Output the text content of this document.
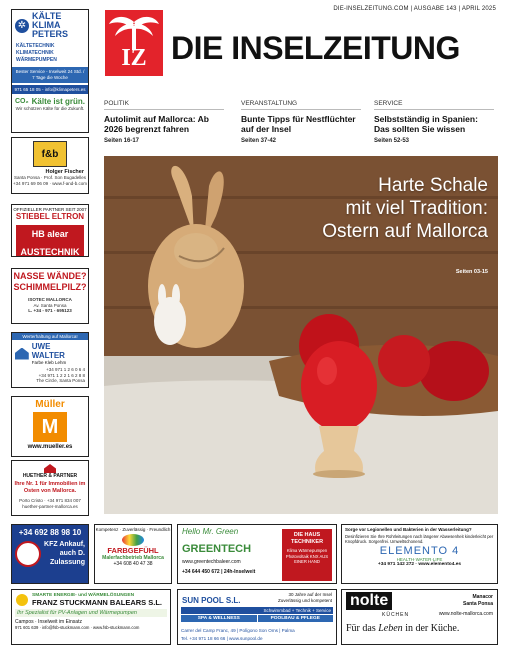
✲
KÄLTE
KLIMA
PETERS
KÄLTETECHNIK KLIMATECHNIK WÄRMEPUMPEN
Bester Service - Inselweit 24 Std. / 7 Tage die Woche
971 65 18 05 - info@klimapeters.es
CO₂ Kälte ist grün.
Wir schützen Kälte für die Zukunft.
f&b
Holger Fischer
Santa Ponsa · Prof. Son Bugadelles
+34 971 69 06 09 · www.f-and-b.com
OFFIZIELLER PARTNER SEIT 2007
STIEBEL ELTRON
HB alear AUSTECHNIK
NASSE WÄNDE?
SCHIMMELPILZ?
ISOTEC MALLORCA
Av. Santa Ponsa
L. +34 - 971 - 695123
Werterhaltung auf Mallorca!
UWE WALTER
Farbe Kleb Lehm
+34 971 1 2 6 0 6 4
+34 971 1 2 2 1 6 2 8 8
The Circle, Santa Ponsa
Müller
M
www.mueller.es
HUETHER & PARTNER
Ihre Nr. 1 für Immobilien im Osten von Mallorca.
Porto Cristo · +34 971 834 007
huether-partner-mallorca.es
DIE-INSELZEITUNG.COM | AUSGABE 143 | APRIL 2025
IZ DIE INSELZEITUNG
POLITIK
Autolimit auf Mallorca: Ab 2026 begrenzt fahren
Seiten 16-17
VERANSTALTUNG
Bunte Tipps für Nestflüchter auf der Insel
Seiten 37-42
SERVICE
Selbstständig in Spanien: Das sollten Sie wissen
Seiten 52-53
Harte Schale
mit viel Tradition:
Ostern auf Mallorca
Seiten 03-15
+34 692 88 98 10
KFZ Ankauf, auch D. Zulassung
Kompetenz · Zuverlässig · Freundlich
FARBGEFÜHL
Malerfachbetrieb Mallorca
+34 608 40 47 38
Hello Mr. Green
GREENTECH
www.greentechbaleer.com
+34 644 450 672 | 24h-Inselweit
DIE HAUS TECHNIKER
Klima Wärmepumpen Photovoltaik KNX AUS EINER HAND
Sorge vor Legionellen und Bakterien in der Wasserleitung?
Desinfizieren Sie Ihre Rohrleitungen nach längerer Abwesenheit kinderleicht per Knopfdruck. Sorgenfrei. Umweltschonend.
ELEMENTO 4
HEALTH·WATER·LIFE
+34 971 142 272 · www.elemento4.es
SMARTE ENERGIE- und WÄRMELÖSUNGEN
FRANZ STUCKMANN BALEARS S.L.
Ihr Spezialist für PV-Anlagen und Wärmepumpen
Campos · Inselweit im Einsatz
971 601 639 · info@fsb-stuckmann.com · www.fsb-stuckmann.com
30 Jahre auf der Insel
Zuverlässig und kompetent
SUN POOL S.L.
Schwimmbad + Technik + Service
SPA & WELLNESS	POOLBAU & PFLEGE
Carrer del Camp Franc, 49 | Polígono Son Oms | Palma
Tel. +34 971 18 66 66 | www.sunpool.de
nolte
KÜCHEN
Manacor
Santa Ponsa
www.nolte-mallorca.com
Für das Leben in der Küche.
